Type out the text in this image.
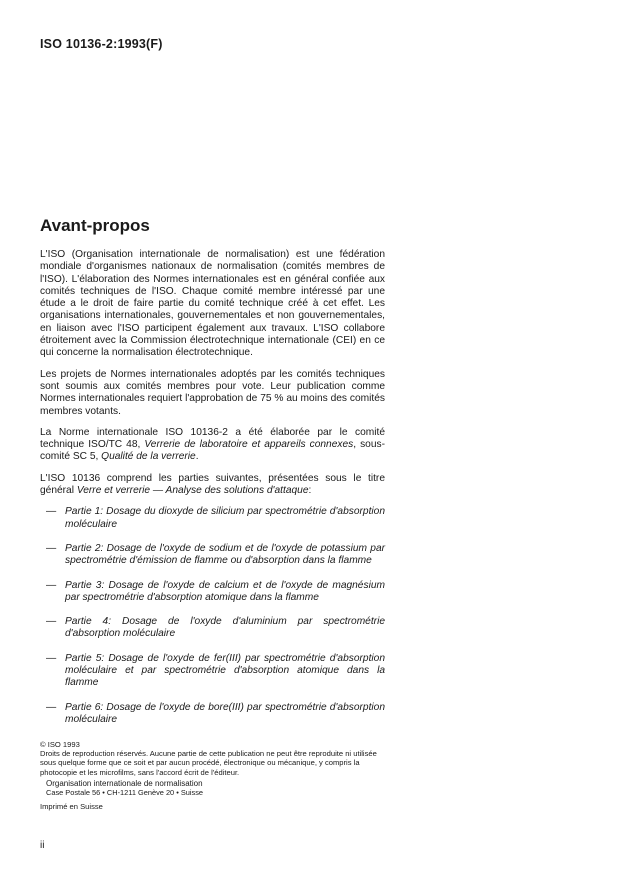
ISO 10136-2:1993(F)
Avant-propos

L'ISO (Organisation internationale de normalisation) est une fédération mondiale d'organismes nationaux de normalisation (comités membres de l'ISO). L'élaboration des Normes internationales est en général confiée aux comités techniques de l'ISO. Chaque comité membre intéressé par une étude a le droit de faire partie du comité technique créé à cet effet. Les organisations internationales, gouvernementales et non gouvernementales, en liaison avec l'ISO participent également aux travaux. L'ISO collabore étroitement avec la Commission électrotechnique internationale (CEI) en ce qui concerne la normalisation électrotechnique.

Les projets de Normes internationales adoptés par les comités techniques sont soumis aux comités membres pour vote. Leur publication comme Normes internationales requiert l'approbation de 75 % au moins des comités membres votants.

La Norme internationale ISO 10136-2 a été élaborée par le comité technique ISO/TC 48, Verrerie de laboratoire et appareils connexes, sous-comité SC 5, Qualité de la verrerie.

L'ISO 10136 comprend les parties suivantes, présentées sous le titre général Verre et verrerie — Analyse des solutions d'attaque:

— Partie 1: Dosage du dioxyde de silicium par spectrométrie d'absorption moléculaire
— Partie 2: Dosage de l'oxyde de sodium et de l'oxyde de potassium par spectrométrie d'émission de flamme ou d'absorption dans la flamme
— Partie 3: Dosage de l'oxyde de calcium et de l'oxyde de magnésium par spectrométrie d'absorption atomique dans la flamme
— Partie 4: Dosage de l'oxyde d'aluminium par spectrométrie d'absorption moléculaire
— Partie 5: Dosage de l'oxyde de fer(III) par spectrométrie d'absorption moléculaire et par spectrométrie d'absorption atomique dans la flamme
— Partie 6: Dosage de l'oxyde de bore(III) par spectrométrie d'absorption moléculaire

© ISO 1993

Droits de reproduction réservés. Aucune partie de cette publication ne peut être reproduite ni utilisée sous quelque forme que ce soit et par aucun procédé, électronique ou mécanique, y compris la photocopie et les microfilms, sans l'accord écrit de l'éditeur.

Organisation internationale de normalisation

Case Postale 56 • CH-1211 Genève 20 • Suisse

Imprimé en Suisse

ii
